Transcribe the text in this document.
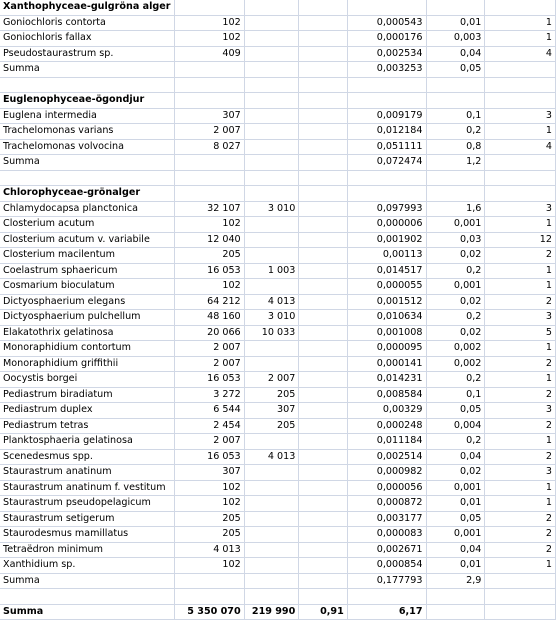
Xanthophyceae-gulgröna alger						
Goniochloris contorta	102			0,000543	0,01	1
Goniochloris fallax	102			0,000176	0,003	1
Pseudostaurastrum sp.	409			0,002534	0,04	4
Summa				0,003253	0,05	

Euglenophyceae-ögondjur						
Euglena intermedia	307			0,009179	0,1	3
Trachelomonas varians	2 007			0,012184	0,2	1
Trachelomonas volvocina	8 027			0,051111	0,8	4
Summa				0,072474	1,2	

Chlorophyceae-grönalger						
Chlamydocapsa planctonica	32 107	3 010		0,097993	1,6	3
Closterium acutum	102			0,000006	0,001	1
Closterium acutum v. variabile	12 040			0,001902	0,03	12
Closterium macilentum	205			0,00113	0,02	2
Coelastrum sphaericum	16 053	1 003		0,014517	0,2	1
Cosmarium bioculatum	102			0,000055	0,001	1
Dictyosphaerium elegans	64 212	4 013		0,001512	0,02	2
Dictyosphaerium pulchellum	48 160	3 010		0,010634	0,2	3
Elakatothrix gelatinosa	20 066	10 033		0,001008	0,02	5
Monoraphidium contortum	2 007			0,000095	0,002	1
Monoraphidium griffithii	2 007			0,000141	0,002	2
Oocystis borgei	16 053	2 007		0,014231	0,2	1
Pediastrum biradiatum	3 272	205		0,008584	0,1	2
Pediastrum duplex	6 544	307		0,00329	0,05	3
Pediastrum tetras	2 454	205		0,000248	0,004	2
Planktosphaeria gelatinosa	2 007			0,011184	0,2	1
Scenedesmus spp.	16 053	4 013		0,002514	0,04	2
Staurastrum anatinum	307			0,000982	0,02	3
Staurastrum anatinum f. vestitum	102			0,000056	0,001	1
Staurastrum pseudopelagicum	102			0,000872	0,01	1
Staurastrum setigerum	205			0,003177	0,05	2
Staurodesmus mamillatus	205			0,000083	0,001	2
Tetraëdron minimum	4 013			0,002671	0,04	2
Xanthidium sp.	102			0,000854	0,01	1
Summa				0,177793	2,9	

Summa	5 350 070	219 990	0,91	6,17		
